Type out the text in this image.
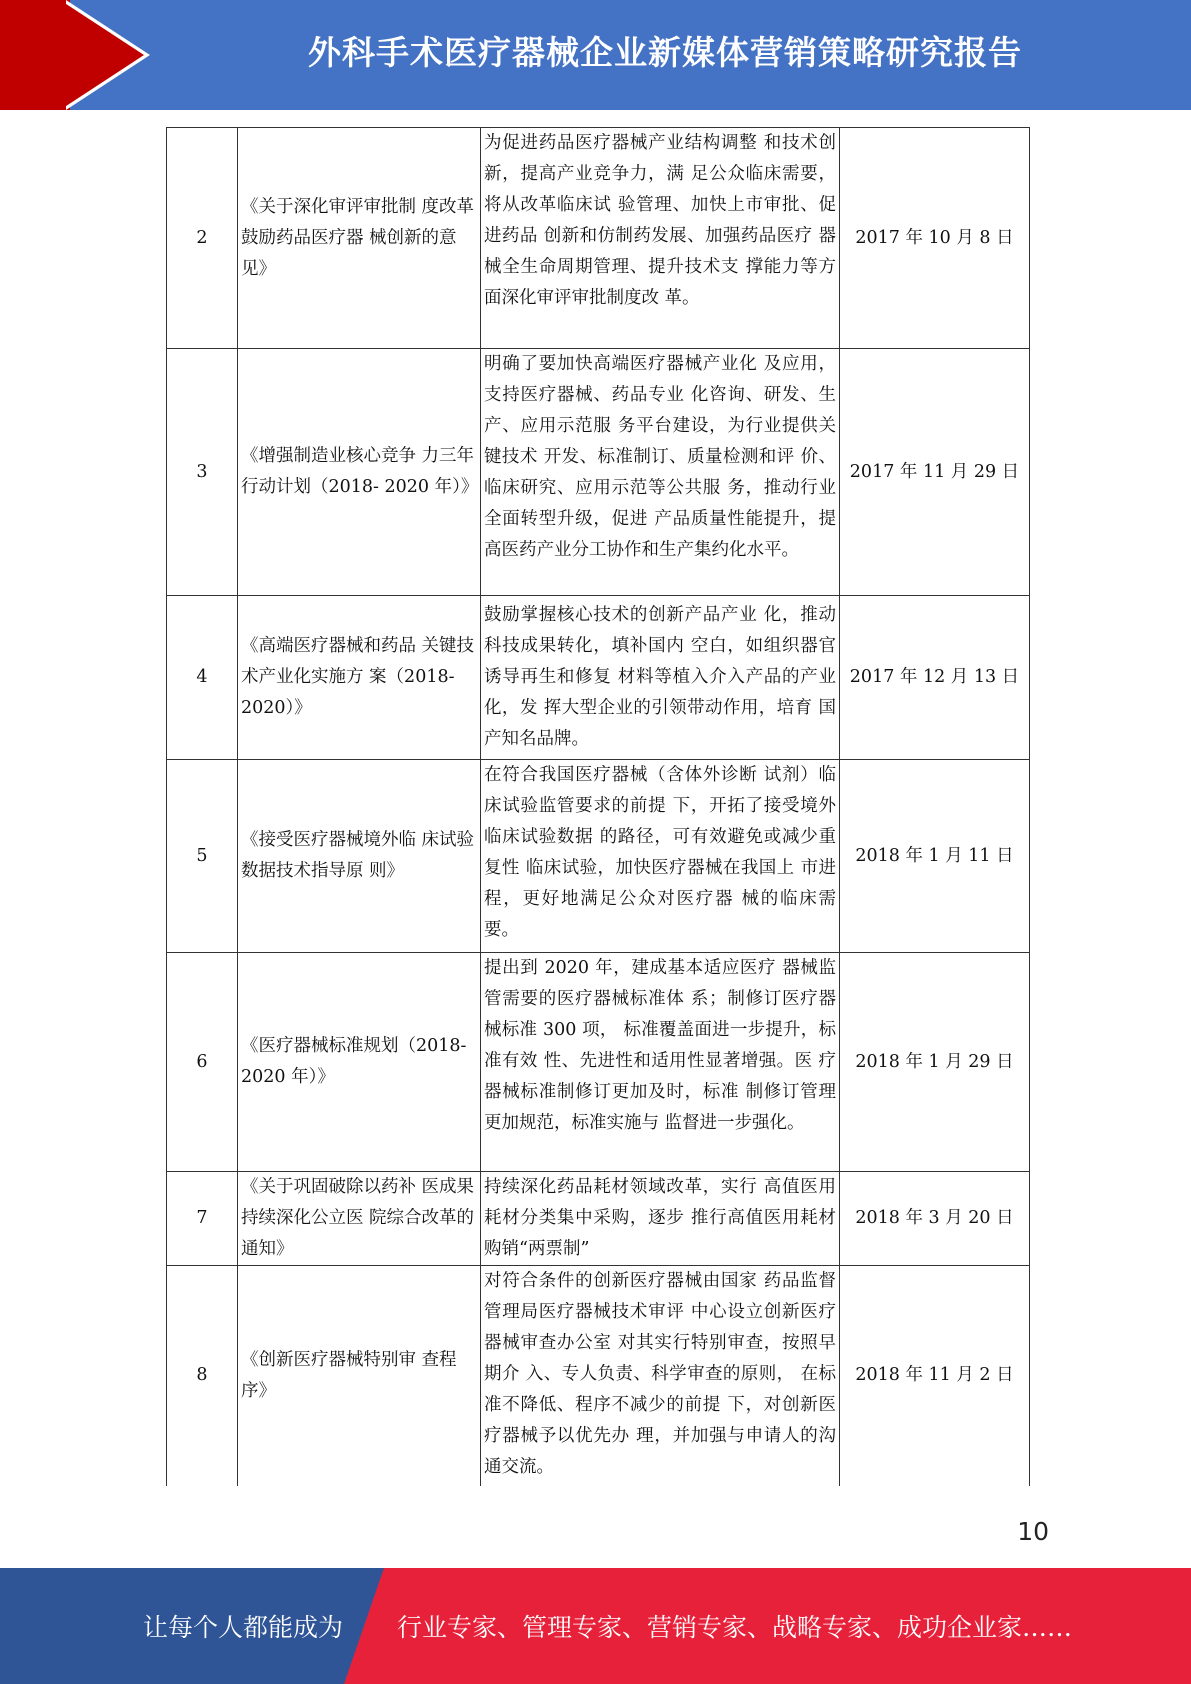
外科手术医疗器械企业新媒体营销策略研究报告
2	《关于深化审评审批制 度改革鼓励药品医疗器 械创新的意见》	为促进药品医疗器械产业结构调整 和技术创新，提高产业竞争力，满 足公众临床需要，将从改革临床试 验管理、加快上市审批、促进药品 创新和仿制药发展、加强药品医疗 器械全生命周期管理、提升技术支 撑能力等方面深化审评审批制度改 革。	2017 年 10 月 8 日
3	《增强制造业核心竞争 力三年行动计划（2018- 2020 年）》	明确了要加快高端医疗器械产业化 及应用，支持医疗器械、药品专业 化咨询、研发、生产、应用示范服 务平台建设，为行业提供关键技术 开发、标准制订、质量检测和评 价、临床研究、应用示范等公共服 务，推动行业全面转型升级，促进 产品质量性能提升，提高医药产业分工协作和生产集约化水平。	2017 年 11 月 29 日
4	《高端医疗器械和药品 关键技术产业化实施方 案（2018-2020）》	鼓励掌握核心技术的创新产品产业 化，推动科技成果转化，填补国内 空白，如组织器官诱导再生和修复 材料等植入介入产品的产业化，发 挥大型企业的引领带动作用，培育 国产知名品牌。	2017 年 12 月 13 日
5	《接受医疗器械境外临 床试验数据技术指导原 则》	在符合我国医疗器械（含体外诊断 试剂）临床试验监管要求的前提 下，开拓了接受境外临床试验数据 的路径，可有效避免或减少重复性 临床试验，加快医疗器械在我国上 市进程，更好地满足公众对医疗器 械的临床需要。	2018 年 1 月 11 日
6	《医疗器械标准规划（2018-2020 年）》	提出到 2020 年，建成基本适应医疗 器械监管需要的医疗器械标准体 系；制修订医疗器械标准 300 项， 标准覆盖面进一步提升，标准有效 性、先进性和适用性显著增强。医 疗器械标准制修订更加及时，标准 制修订管理更加规范，标准实施与 监督进一步强化。	2018 年 1 月 29 日
7	《关于巩固破除以药补 医成果持续深化公立医 院综合改革的通知》	持续深化药品耗材领域改革，实行 高值医用耗材分类集中采购，逐步 推行高值医用耗材购销“两票制”	2018 年 3 月 20 日
8	《创新医疗器械特别审 查程序》	对符合条件的创新医疗器械由国家 药品监督管理局医疗器械技术审评 中心设立创新医疗器械审查办公室 对其实行特别审查，按照早期介 入、专人负责、科学审查的原则， 在标准不降低、程序不减少的前提 下，对创新医疗器械予以优先办 理，并加强与申请人的沟通交流。	2018 年 11 月 2 日
10
让每个人都能成为 行业专家、管理专家、营销专家、战略专家、成功企业家……
